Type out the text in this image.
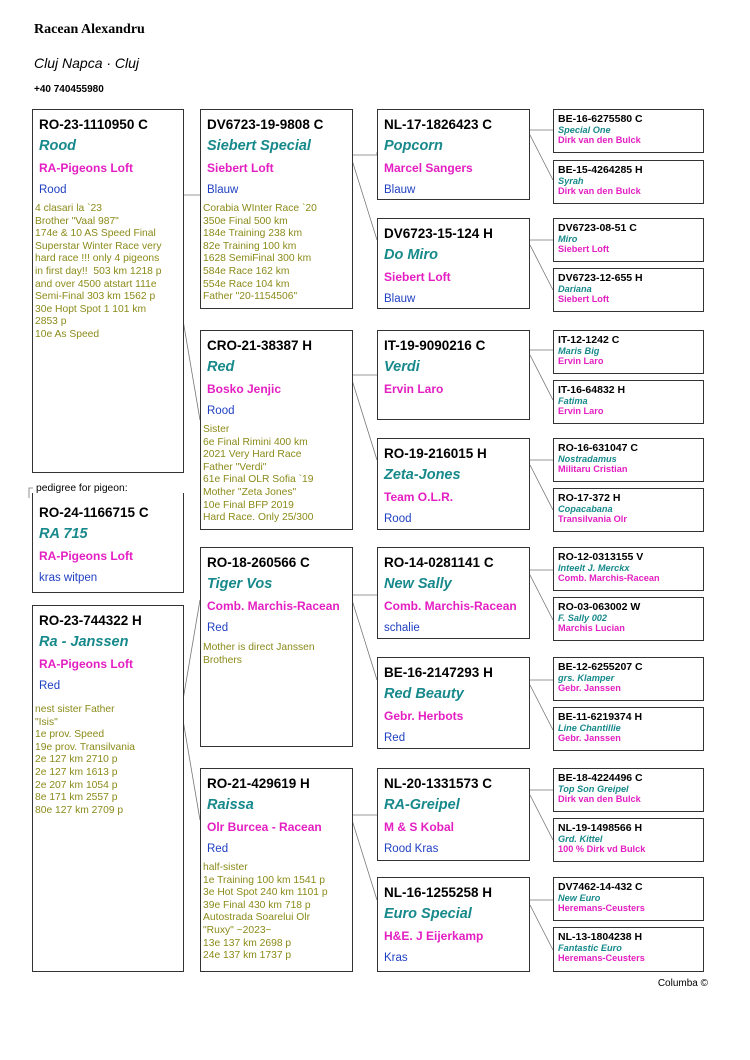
Racean Alexandru
Cluj Napca · Cluj
+40 740455980
RO-23-1110950 C
Rood
RA-Pigeons Loft
Rood
4 clasari la `23
Brother "Vaal 987"
174e & 10 AS Speed Final
Superstar Winter Race very
hard race !!! only 4 pigeons
in first day!!  503 km 1218 p
and over 4500 atstart 111e
Semi-Final 303 km 1562 p
30e Hopt Spot 1 101 km
2853 p
10e As Speed
RO-24-1166715 C
RA 715
RA-Pigeons Loft
kras witpen
pedigree for pigeon:
RO-23-744322 H
Ra - Janssen
RA-Pigeons Loft
Red
nest sister Father
"Isis"
1e prov. Speed
19e prov. Transilvania
2e 127 km 2710 p
2e 127 km 1613 p
2e 207 km 1054 p
8e 171 km 2557 p
80e 127 km 2709 p
DV6723-19-9808 C
Siebert Special
Siebert Loft
Blauw
Corabia WInter Race `20
350e Final 500 km
184e Training 238 km
82e Training 100 km
1628 SemiFinal 300 km
584e Race 162 km
554e Race 104 km
Father "20-1154506"
CRO-21-38387 H
Red
Bosko Jenjic
Rood
Sister
6e Final Rimini 400 km
2021 Very Hard Race
Father "Verdi"
61e Final OLR Sofia `19
Mother "Zeta Jones"
10e Final BFP 2019
Hard Race. Only 25/300
RO-18-260566 C
Tiger Vos
Comb. Marchis-Racean
Red
Mother is direct Janssen
Brothers
RO-21-429619 H
Raissa
Olr Burcea - Racean
Red
half-sister
1e Training 100 km 1541 p
3e Hot Spot 240 km 1101 p
39e Final 430 km 718 p
Autostrada Soarelui Olr
"Ruxy" ~2023~
13e 137 km 2698 p
24e 137 km 1737 p
NL-17-1826423 C
Popcorn
Marcel Sangers
Blauw
DV6723-15-124 H
Do Miro
Siebert Loft
Blauw
IT-19-9090216 C
Verdi
Ervin Laro
RO-19-216015 H
Zeta-Jones
Team O.L.R.
Rood
RO-14-0281141 C
New Sally
Comb. Marchis-Racean
schalie
BE-16-2147293 H
Red Beauty
Gebr. Herbots
Red
NL-20-1331573 C
RA-Greipel
M & S Kobal
Rood Kras
NL-16-1255258 H
Euro Special
H&E. J Eijerkamp
Kras
BE-16-6275580 C
Special One
Dirk van den Bulck
BE-15-4264285 H
Syrah
Dirk van den Bulck
DV6723-08-51 C
Miro
Siebert Loft
DV6723-12-655 H
Dariana
Siebert Loft
IT-12-1242 C
Maris Big
Ervin Laro
IT-16-64832 H
Fatima
Ervin Laro
RO-16-631047 C
Nostradamus
Militaru Cristian
RO-17-372 H
Copacabana
Transilvania Olr
RO-12-0313155 V
Inteelt J. Merckx
Comb. Marchis-Racean
RO-03-063002 W
F. Sally 002
Marchis Lucian
BE-12-6255207 C
grs. Klamper
Gebr. Janssen
BE-11-6219374 H
Line Chantillie
Gebr. Janssen
BE-18-4224496 C
Top Son Greipel
Dirk van den Bulck
NL-19-1498566 H
Grd. Kittel
100 % Dirk vd Bulck
DV7462-14-432 C
New Euro
Heremans-Ceusters
NL-13-1804238 H
Fantastic Euro
Heremans-Ceusters
Columba ©
